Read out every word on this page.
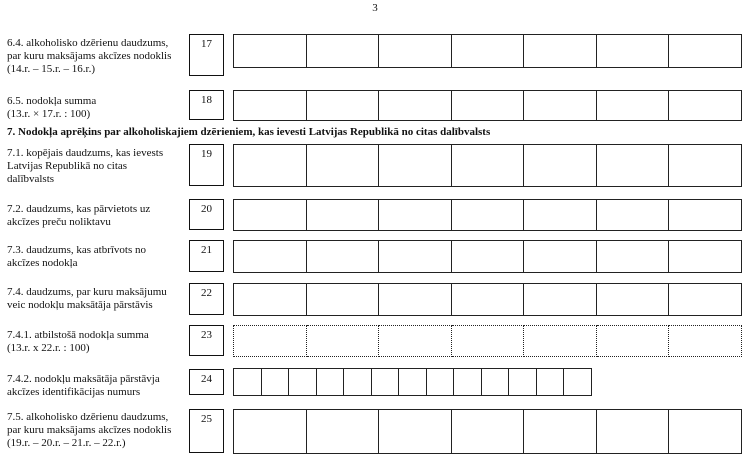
3
6.4. alkoholisko dzērienu daudzums,
par kuru maksājams akcīzes nodoklis
(14.r. – 15.r. – 16.r.)
17
6.5. nodokļa summa
(13.r. × 17.r. : 100)
18
7. Nodokļa aprēķins par alkoholiskajiem dzērieniem, kas ievesti Latvijas Republikā no citas dalībvalsts
7.1. kopējais daudzums, kas ievests
Latvijas Republikā no citas
dalībvalsts
19
7.2. daudzums, kas pārvietots uz
akcīzes preču noliktavu
20
7.3. daudzums, kas atbrīvots no
akcīzes nodokļa
21
7.4. daudzums, par kuru maksājumu
veic nodokļu maksātāja pārstāvis
22
7.4.1. atbilstošā nodokļa summa
(13.r. x 22.r. : 100)
23
7.4.2. nodokļu maksātāja pārstāvja
akcīzes identifikācijas numurs
24
7.5. alkoholisko dzērienu daudzums,
par kuru maksājams akcīzes nodoklis
(19.r. – 20.r. – 21.r. – 22.r.)
25
